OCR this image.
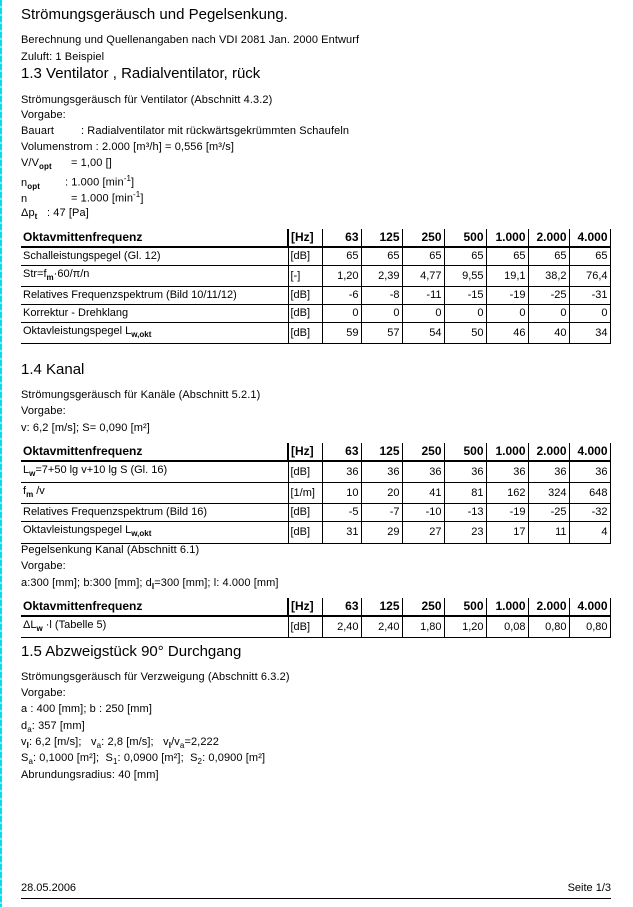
Strömungsgeräusch und Pegelsenkung.
Berechnung und Quellenangaben nach VDI 2081 Jan. 2000 Entwurf
Zuluft: 1 Beispiel
1.3 Ventilator , Radialventilator, rück
Strömungsgeräusch für Ventilator (Abschnitt 4.3.2)
Vorgabe:
Bauart : Radialventilator mit rückwärtsgekrümmten Schaufeln
Volumenstrom : 2.000 [m³/h] = 0,556 [m³/s]
$V/V_{opt} = 1,00$ []
$n_{opt}$ : 1.000 $[\min^{-1}]$
n	= 1.000 $[\min^{-1}]$
$\Delta p_t$ : 47 [Pa]
Oktavmittenfrequenz	[Hz]	63	125	250	500	1.000	2.000	4.000
Schalleistungspegel (Gl. 12)	[dB]	65	65	65	65	65	65	65
$Str=f_m\cdot 60/\pi/n$	[-]	1,20	2,39	4,77	9,55	19,1	38,2	76,4
Relatives Frequenzspektrum (Bild 10/11/12)	[dB]	-6	-8	-11	-15	-19	-25	-31
Korrektur - Drehklang	[dB]	0	0	0	0	0	0	0
Oktavleistungspegel $L_{w,okt}$	[dB]	59	57	54	50	46	40	34
1.4 Kanal
Strömungsgeräusch für Kanäle (Abschnitt 5.2.1)
Vorgabe:
v: 6,2 [m/s]; S= 0,090 [m²]
Oktavmittenfrequenz	[Hz]	63	125	250	500	1.000	2.000	4.000
$L_w=7+50$ lg v+10 lg S (Gl. 16)	[dB]	36	36	36	36	36	36	36
$f_m$ /v	[1/m]	10	20	41	81	162	324	648
Relatives Frequenzspektrum (Bild 16)	[dB]	-5	-7	-10	-13	-19	-25	-32
Oktavleistungspegel $L_{w,okt}$	[dB]	31	29	27	23	17	11	4
Pegelsenkung Kanal (Abschnitt 6.1)
Vorgabe:
a:300 [mm]; b:300 [mm]; $d_I=300$ [mm]; l: 4.000 [mm]
Oktavmittenfrequenz	[Hz]	63	125	250	500	1.000	2.000	4.000
$\Delta L_w \cdot l$ (Tabelle 5)	[dB]	2,40	2,40	1,80	1,20	0,08	0,80	0,80
1.5 Abzweigstück 90° Durchgang
Strömungsgeräusch für Verzweigung (Abschnitt 6.3.2)
Vorgabe:
a : 400 [mm]; b : 250 [mm]
$d_a$: 357 [mm]
$v_I$: 6,2 [m/s];   $v_a$: 2,8 [m/s];   $v_I/v_a=2,222$
$S_a$: 0,1000 [m²];  $S_1$: 0,0900 [m²];  $S_2$: 0,0900 [m²]
Abrundungsradius: 40 [mm]
28.05.2006	Seite 1/3
